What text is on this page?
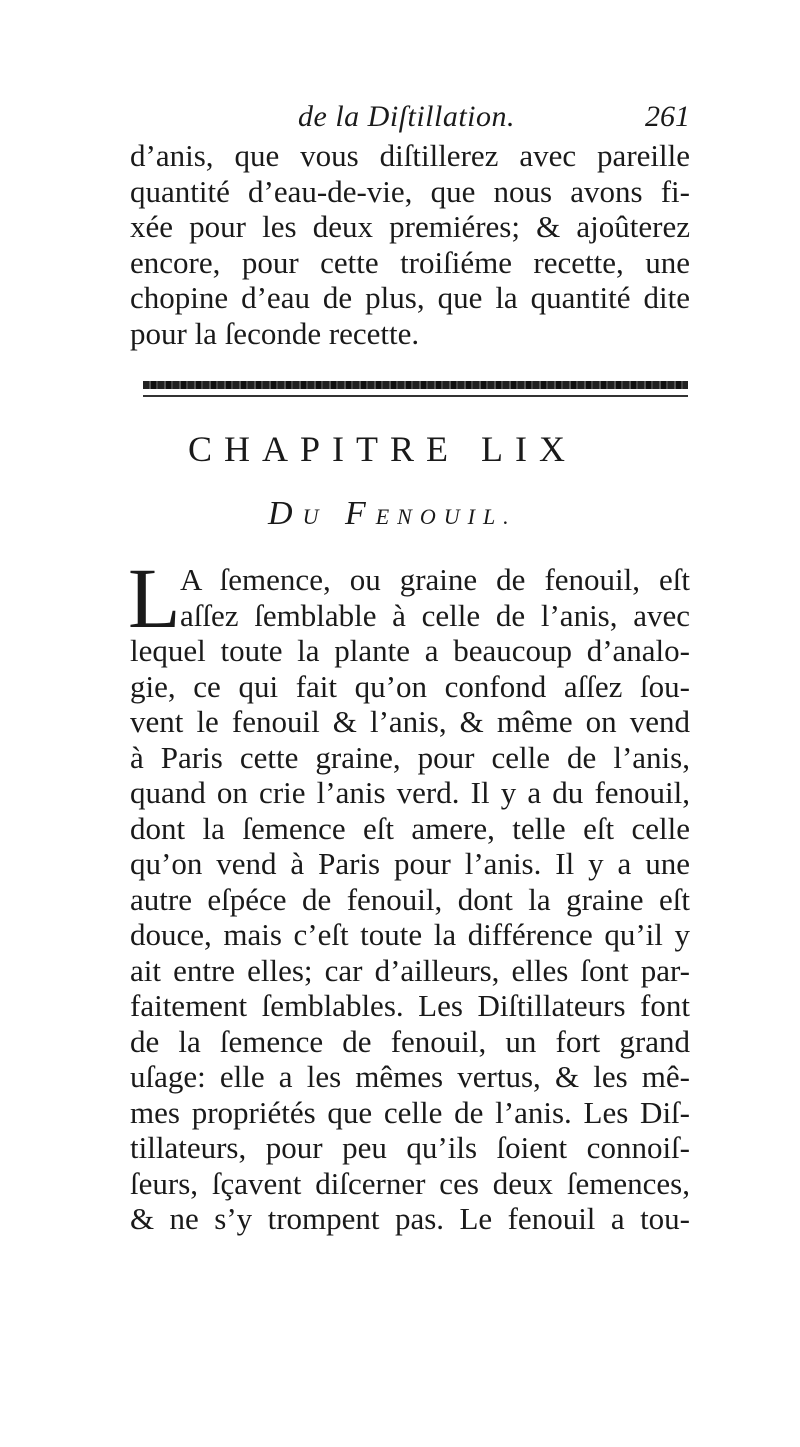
de la Diſtillation.	261
d’anis, que vous diſtillerez avec pareille
quantité d’eau-de-vie, que nous avons fi-
xée pour les deux premiéres; & ajoûterez
encore, pour cette troiſiéme recette, une
chopine d’eau de plus, que la quantité dite
pour la ſeconde recette.
CHAPITRE LIX
DU FENOUIL.
L A ſemence, ou graine de fenouil, eſt
aſſez ſemblable à celle de l’anis, avec
lequel toute la plante a beaucoup d’analo-
gie, ce qui fait qu’on confond aſſez ſou-
vent le fenouil & l’anis, & même on vend
à Paris cette graine, pour celle de l’anis,
quand on crie l’anis verd. Il y a du fenouil,
dont la ſemence eſt amere, telle eſt celle
qu’on vend à Paris pour l’anis. Il y a une
autre eſpéce de fenouil, dont la graine eſt
douce, mais c’eſt toute la différence qu’il y
ait entre elles; car d’ailleurs, elles ſont par-
faitement ſemblables. Les Diſtillateurs font
de la ſemence de fenouil, un fort grand
uſage: elle a les mêmes vertus, & les mê-
mes propriétés que celle de l’anis. Les Diſ-
tillateurs, pour peu qu’ils ſoient connoiſ-
ſeurs, ſçavent diſcerner ces deux ſemences,
& ne s’y trompent pas. Le fenouil a tou-
